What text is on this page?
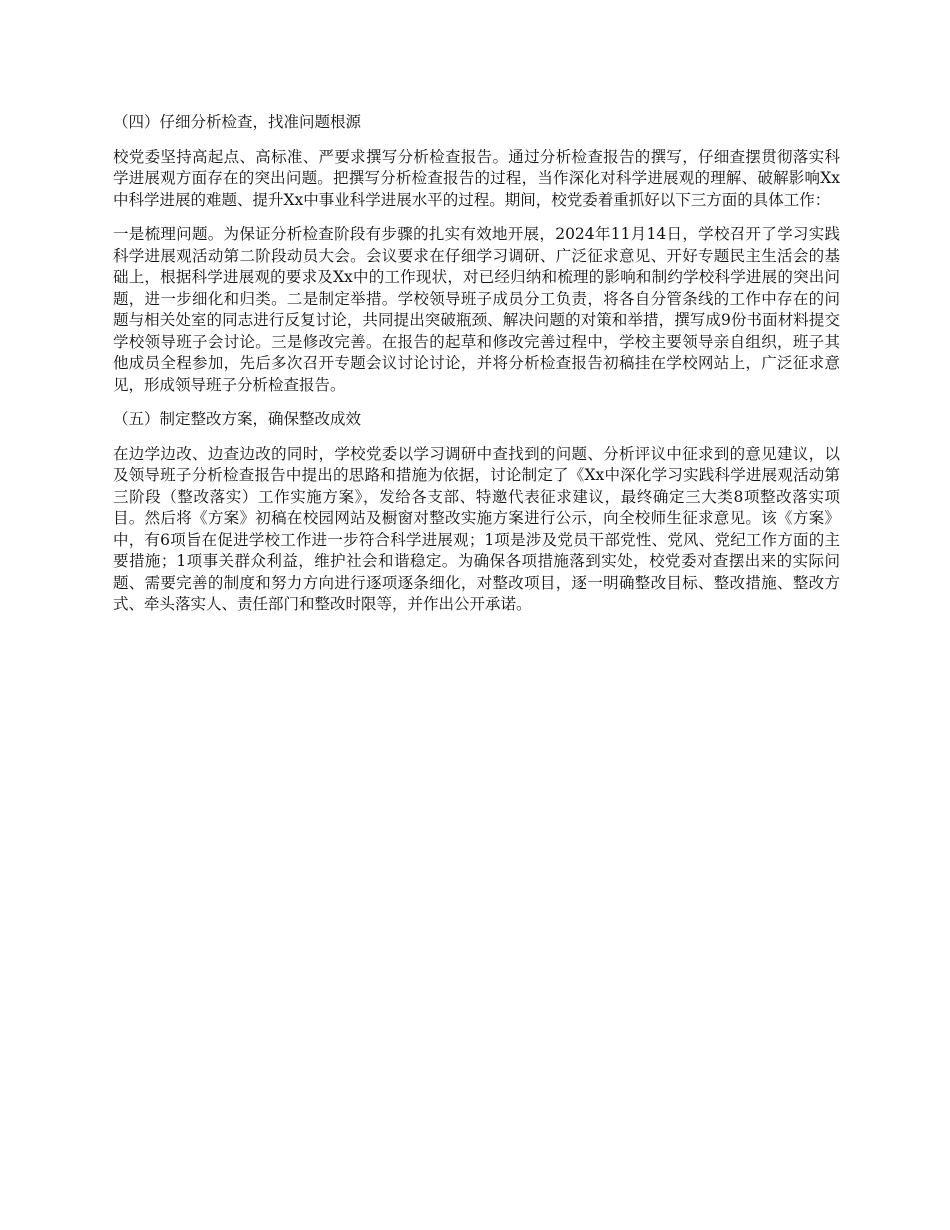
（四）仔细分析检查，找准问题根源

校党委坚持高起点、高标准、严要求撰写分析检查报告。通过分析检查报告的撰写，仔细查摆贯彻落实科学进展观方面存在的突出问题。把撰写分析检查报告的过程，当作深化对科学进展观的理解、破解影响Xx中科学进展的难题、提升Xx中事业科学进展水平的过程。期间，校党委着重抓好以下三方面的具体工作：

一是梳理问题。为保证分析检查阶段有步骤的扎实有效地开展，2024年11月14日，学校召开了学习实践科学进展观活动第二阶段动员大会。会议要求在仔细学习调研、广泛征求意见、开好专题民主生活会的基础上，根据科学进展观的要求及Xx中的工作现状，对已经归纳和梳理的影响和制约学校科学进展的突出问题，进一步细化和归类。二是制定举措。学校领导班子成员分工负责，将各自分管条线的工作中存在的问题与相关处室的同志进行反复讨论，共同提出突破瓶颈、解决问题的对策和举措，撰写成9份书面材料提交学校领导班子会讨论。三是修改完善。在报告的起草和修改完善过程中，学校主要领导亲自组织，班子其他成员全程参加，先后多次召开专题会议讨论讨论，并将分析检查报告初稿挂在学校网站上，广泛征求意见，形成领导班子分析检查报告。

（五）制定整改方案，确保整改成效

在边学边改、边查边改的同时，学校党委以学习调研中查找到的问题、分析评议中征求到的意见建议，以及领导班子分析检查报告中提出的思路和措施为依据，讨论制定了《Xx中深化学习实践科学进展观活动第三阶段（整改落实）工作实施方案》，发给各支部、特邀代表征求建议，最终确定三大类8项整改落实项目。然后将《方案》初稿在校园网站及橱窗对整改实施方案进行公示，向全校师生征求意见。该《方案》中，有6项旨在促进学校工作进一步符合科学进展观；1项是涉及党员干部党性、党风、党纪工作方面的主要措施；1项事关群众利益，维护社会和谐稳定。为确保各项措施落到实处，校党委对查摆出来的实际问题、需要完善的制度和努力方向进行逐项逐条细化，对整改项目，逐一明确整改目标、整改措施、整改方式、牵头落实人、责任部门和整改时限等，并作出公开承诺。
